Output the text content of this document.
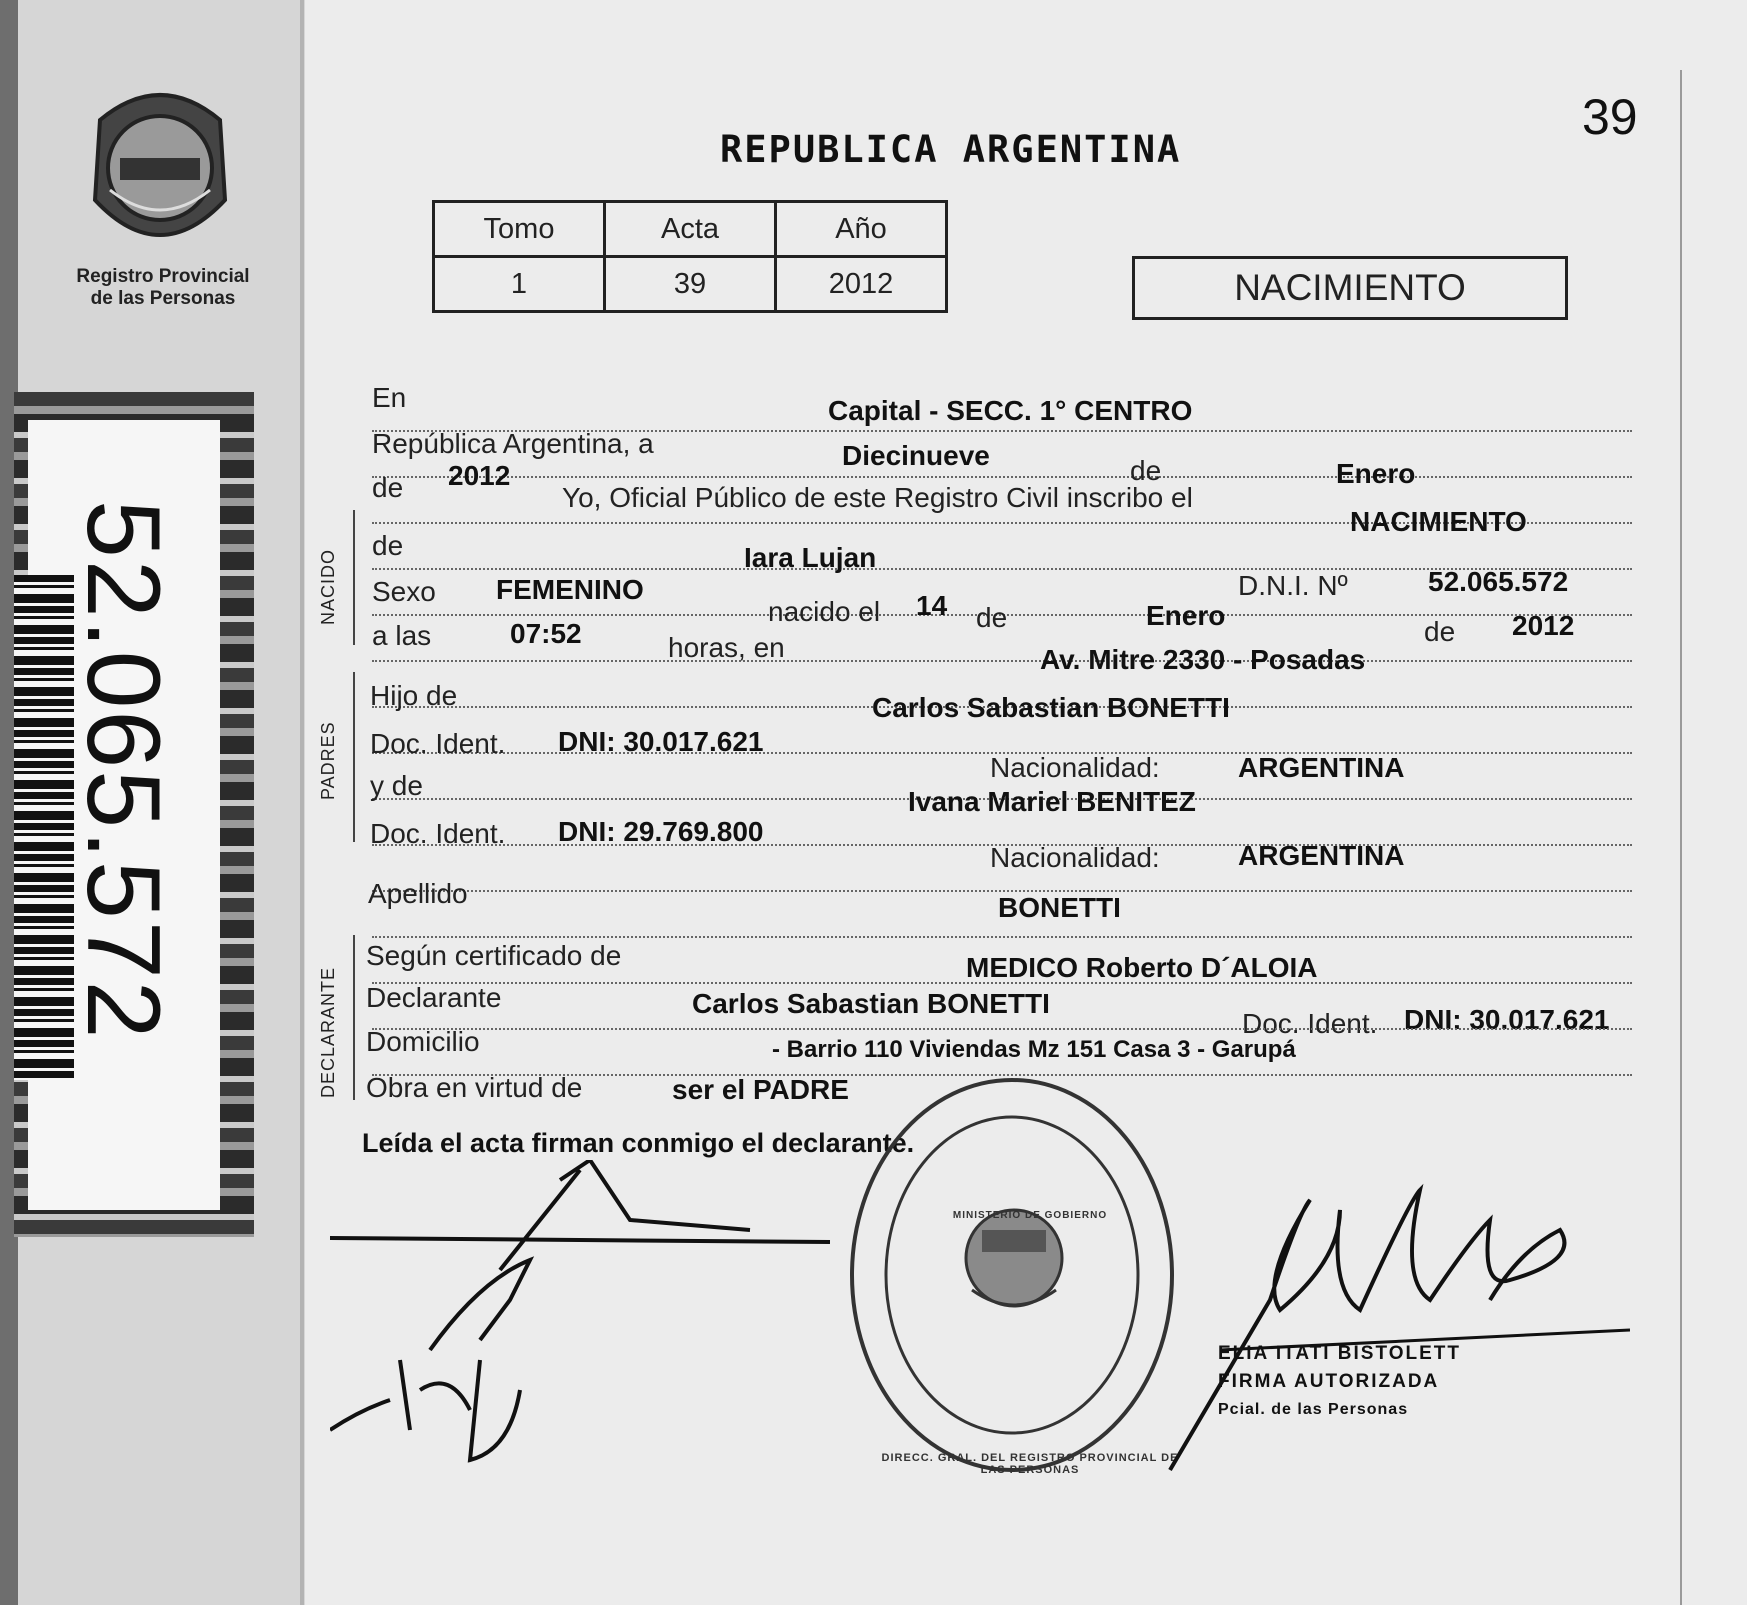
Registro Provincial
de las Personas
52.065.572
39
REPUBLICA ARGENTINA
Tomo	Acta	Año
1	39	2012	NACIMIENTO
NACIDO
PADRES
DECLARANTE
En	Capital - SECC. 1° CENTRO
República Argentina, a	Diecinueve	de	Enero
de 2012
Yo, Oficial Público de este Registro Civil inscribo el
NACIMIENTO
de	Iara Lujan
D.N.I. Nº	52.065.572
Sexo FEMENINO
nacido el 14 de	Enero
de 2012
a las	07:52	horas, en	Av. Mitre 2330 - Posadas
Hijo de	Carlos Sabastian BONETTI
Doc. Ident. DNI: 30.017.621
Nacionalidad:	ARGENTINA
y de
Ivana Mariel BENITEZ
Doc. Ident. DNI: 29.769.800
Nacionalidad:	ARGENTINA
Apellido	BONETTI
Según certificado de	MEDICO Roberto D´ALOIA
Declarante	Carlos Sabastian BONETTI
Doc. Ident. DNI: 30.017.621
Domicilio	- Barrio 110 Viviendas Mz 151 Casa 3 - Garupá
Obra en virtud de	ser el PADRE
Leída el acta firman conmigo el declarante.
DIRECC. GRAL. DEL REGISTRO PROVINCIAL DE LAS PERSONAS
MINISTERIO DE GOBIERNO
ELIA ITATI BISTOLETT
FIRMA AUTORIZADA
Pcial. de las Personas
